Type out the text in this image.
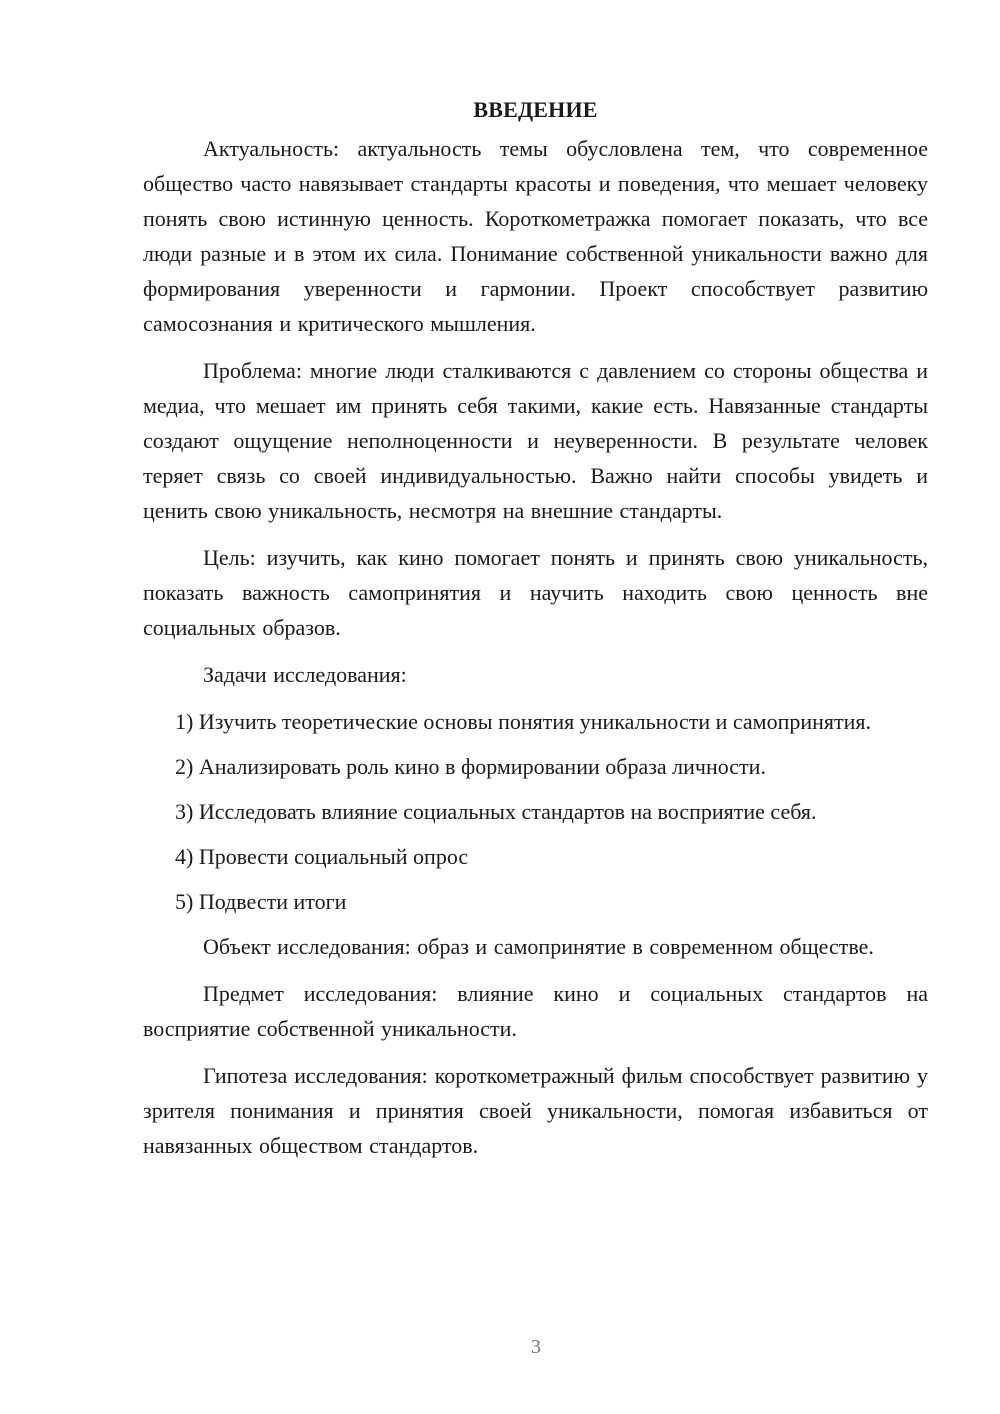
ВВЕДЕНИЕ

Актуальность: актуальность темы обусловлена тем, что современное общество часто навязывает стандарты красоты и поведения, что мешает человеку понять свою истинную ценность. Короткометражка помогает показать, что все люди разные и в этом их сила. Понимание собственной уникальности важно для формирования уверенности и гармонии. Проект способствует развитию самосознания и критического мышления.

Проблема: многие люди сталкиваются с давлением со стороны общества и медиа, что мешает им принять себя такими, какие есть. Навязанные стандарты создают ощущение неполноценности и неуверенности. В результате человек теряет связь со своей индивидуальностью. Важно найти способы увидеть и ценить свою уникальность, несмотря на внешние стандарты.

Цель: изучить, как кино помогает понять и принять свою уникальность, показать важность самопринятия и научить находить свою ценность вне социальных образов.

Задачи исследования:

1) Изучить теоретические основы понятия уникальности и самопринятия.

2) Анализировать роль кино в формировании образа личности.

3) Исследовать влияние социальных стандартов на восприятие себя.

4) Провести социальный опрос

5) Подвести итоги

Объект исследования: образ и самопринятие в современном обществе.

Предмет исследования: влияние кино и социальных стандартов на восприятие собственной уникальности.

Гипотеза исследования: короткометражный фильм способствует развитию у зрителя понимания и принятия своей уникальности, помогая избавиться от навязанных обществом стандартов.

3
